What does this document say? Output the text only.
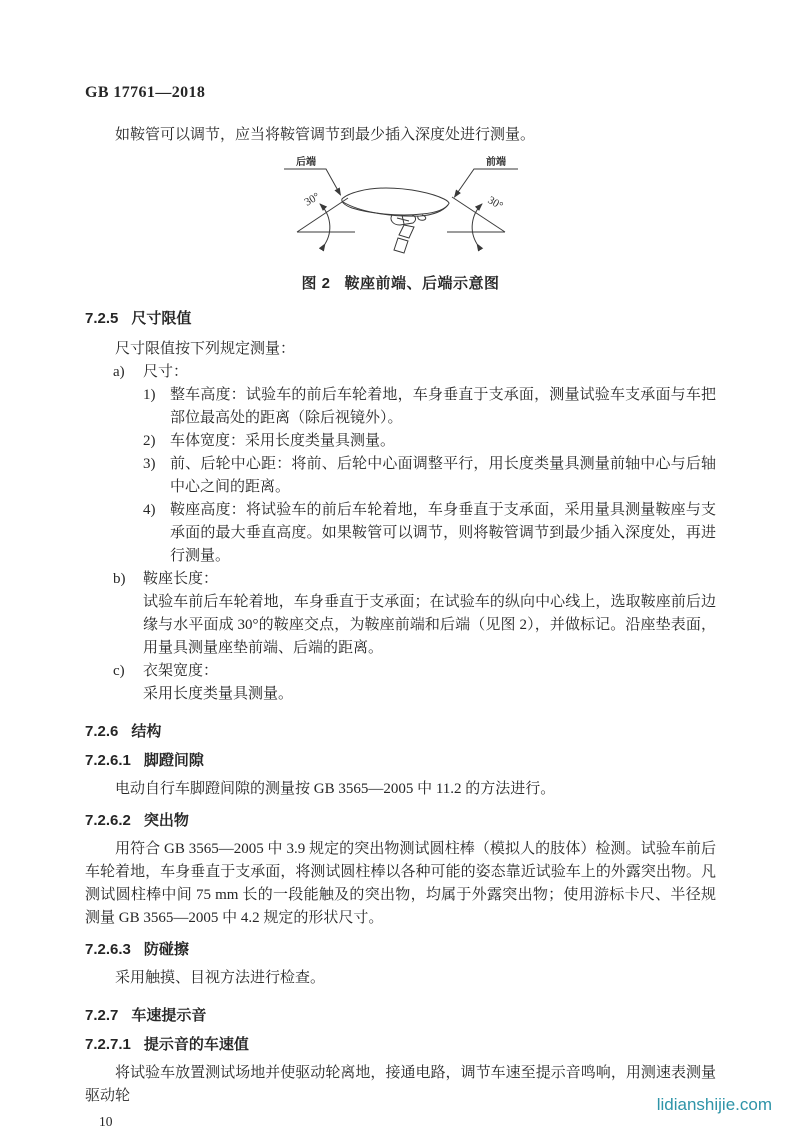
GB 17761—2018

如鞍管可以调节，应当将鞍管调节到最少插入深度处进行测量。

后端	前端
30°	30°
图 2 鞍座前端、后端示意图
7.2.5 尺寸限值

尺寸限值按下列规定测量：

a)	尺寸：
1) 整车高度：试验车的前后车轮着地，车身垂直于支承面，测量试验车支承面与车把部位最高处的距离（除后视镜外）。
2) 车体宽度：采用长度类量具测量。
3) 前、后轮中心距：将前、后轮中心面调整平行，用长度类量具测量前轴中心与后轴中心之间的距离。
4) 鞍座高度：将试验车的前后车轮着地，车身垂直于支承面，采用量具测量鞍座与支承面的最大垂直高度。如果鞍管可以调节，则将鞍管调节到最少插入深度处，再进行测量。
b)	鞍座长度：
试验车前后车轮着地，车身垂直于支承面；在试验车的纵向中心线上，选取鞍座前后边缘与水平面成 30°的鞍座交点，为鞍座前端和后端（见图 2），并做标记。沿座垫表面，用量具测量座垫前端、后端的距离。
c)	衣架宽度：
采用长度类量具测量。
7.2.6 结构
7.2.6.1 脚蹬间隙

电动自行车脚蹬间隙的测量按 GB 3565—2005 中 11.2 的方法进行。

7.2.6.2 突出物

用符合 GB 3565—2005 中 3.9 规定的突出物测试圆柱棒（模拟人的肢体）检测。试验车前后车轮着地，车身垂直于支承面，将测试圆柱棒以各种可能的姿态靠近试验车上的外露突出物。凡测试圆柱棒中间 75 mm 长的一段能触及的突出物，均属于外露突出物；使用游标卡尺、半径规测量 GB 3565—2005 中 4.2 规定的形状尺寸。

7.2.6.3 防碰擦

采用触摸、目视方法进行检查。

7.2.7 车速提示音
7.2.7.1 提示音的车速值

将试验车放置测试场地并使驱动轮离地，接通电路，调节车速至提示音鸣响，用测速表测量驱动轮

10
lidianshijie.com
